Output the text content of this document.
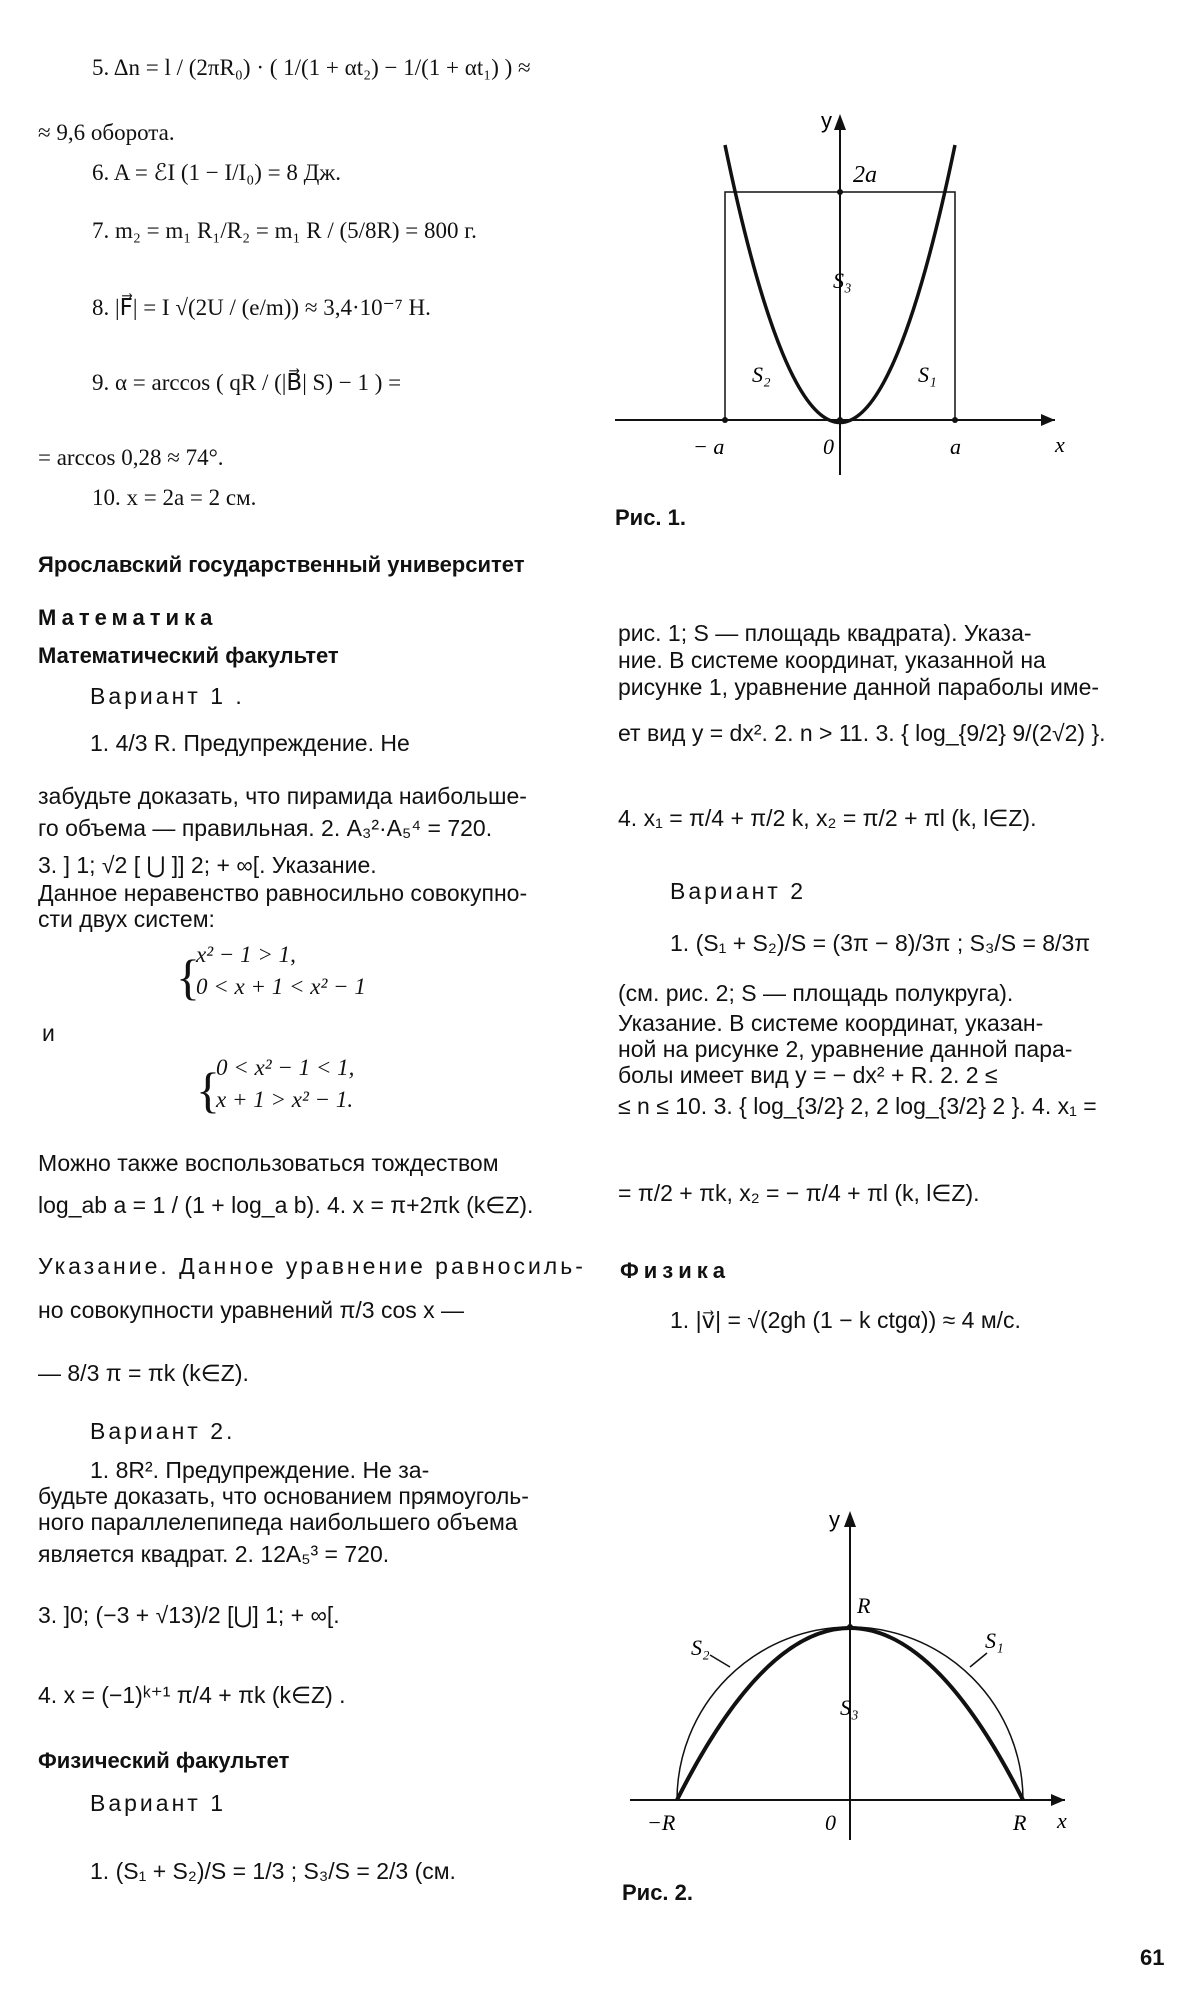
5. Δn = l / (2πR₀) · ( 1/(1 + αt₂) − 1/(1 + αt₁) ) ≈
≈ 9,6 оборота.
6. A = ℰI (1 − I/I₀) = 8 Дж.
7. m₂ = m₁ R₁/R₂ = m₁ R / (5/8R) = 800 г.
8. |F⃗| = I √(2U / (e/m)) ≈ 3,4·10⁻⁷ Н.
9. α = arccos ( qR / (|B⃗| S) − 1 ) =
= arccos 0,28 ≈ 74°.
10. x = 2a = 2 см.
Ярославский государственный университет
Математика
Математический факультет
Вариант 1 .
1. 4/3 R. Предупреждение. Не
забудьте доказать, что пирамида наибольше-
го объема — правильная. 2. A₃²·A₅⁴ = 720.
3. ] 1; √2 [ ⋃ ]] 2; + ∞[. Указание.
Данное неравенство равносильно совокупно-
сти двух систем:
{
x² − 1 > 1,
0 < x + 1 < x² − 1
и
{
0 < x² − 1 < 1,
x + 1 > x² − 1.
Можно также воспользоваться тождеством
log_ab a = 1 / (1 + log_a b). 4. x = π+2πk (k∈Z).
Указание. Данное уравнение равносиль-
но совокупности уравнений π/3 cos x —
— 8/3 π = πk (k∈Z).
Вариант 2.
1. 8R². Предупреждение. Не за-
будьте доказать, что основанием прямоуголь-
ного параллелепипеда наибольшего объема
является квадрат. 2. 12A₅³ = 720.
3. ]0; (−3 + √13)/2 [⋃] 1; + ∞[.
4. x = (−1)ᵏ⁺¹ π/4 + πk (k∈Z) .
Физический факультет
Вариант 1
1. (S₁ + S₂)/S = 1/3 ; S₃/S = 2/3 (см.
y
x
2a
S₁
S₂
S₃
− a	0	a
Рис. 1.
рис. 1; S — площадь квадрата). Указа-
ние. В системе координат, указанной на
рисунке 1, уравнение данной параболы име-
ет вид y = dx². 2. n > 11. 3. { log_{9/2} 9/(2√2) }.
4. x₁ = π/4 + π/2 k, x₂ = π/2 + πl (k, l∈Z).
Вариант 2
1. (S₁ + S₂)/S = (3π − 8)/3π ; S₃/S = 8/3π
(см. рис. 2; S — площадь полукруга).
Указание. В системе координат, указан-
ной на рисунке 2, уравнение данной пара-
болы имеет вид y = − dx² + R. 2. 2 ≤
≤ n ≤ 10. 3. { log_{3/2} 2, 2 log_{3/2} 2 }. 4. x₁ =
= π/2 + πk, x₂ = − π/4 + πl (k, l∈Z).
Физика
1. |v⃗| = √(2gh (1 − k ctgα)) ≈ 4 м/с.
y
x
R
S₁
S₂
S₃
−R	0	R
Рис. 2.
61
